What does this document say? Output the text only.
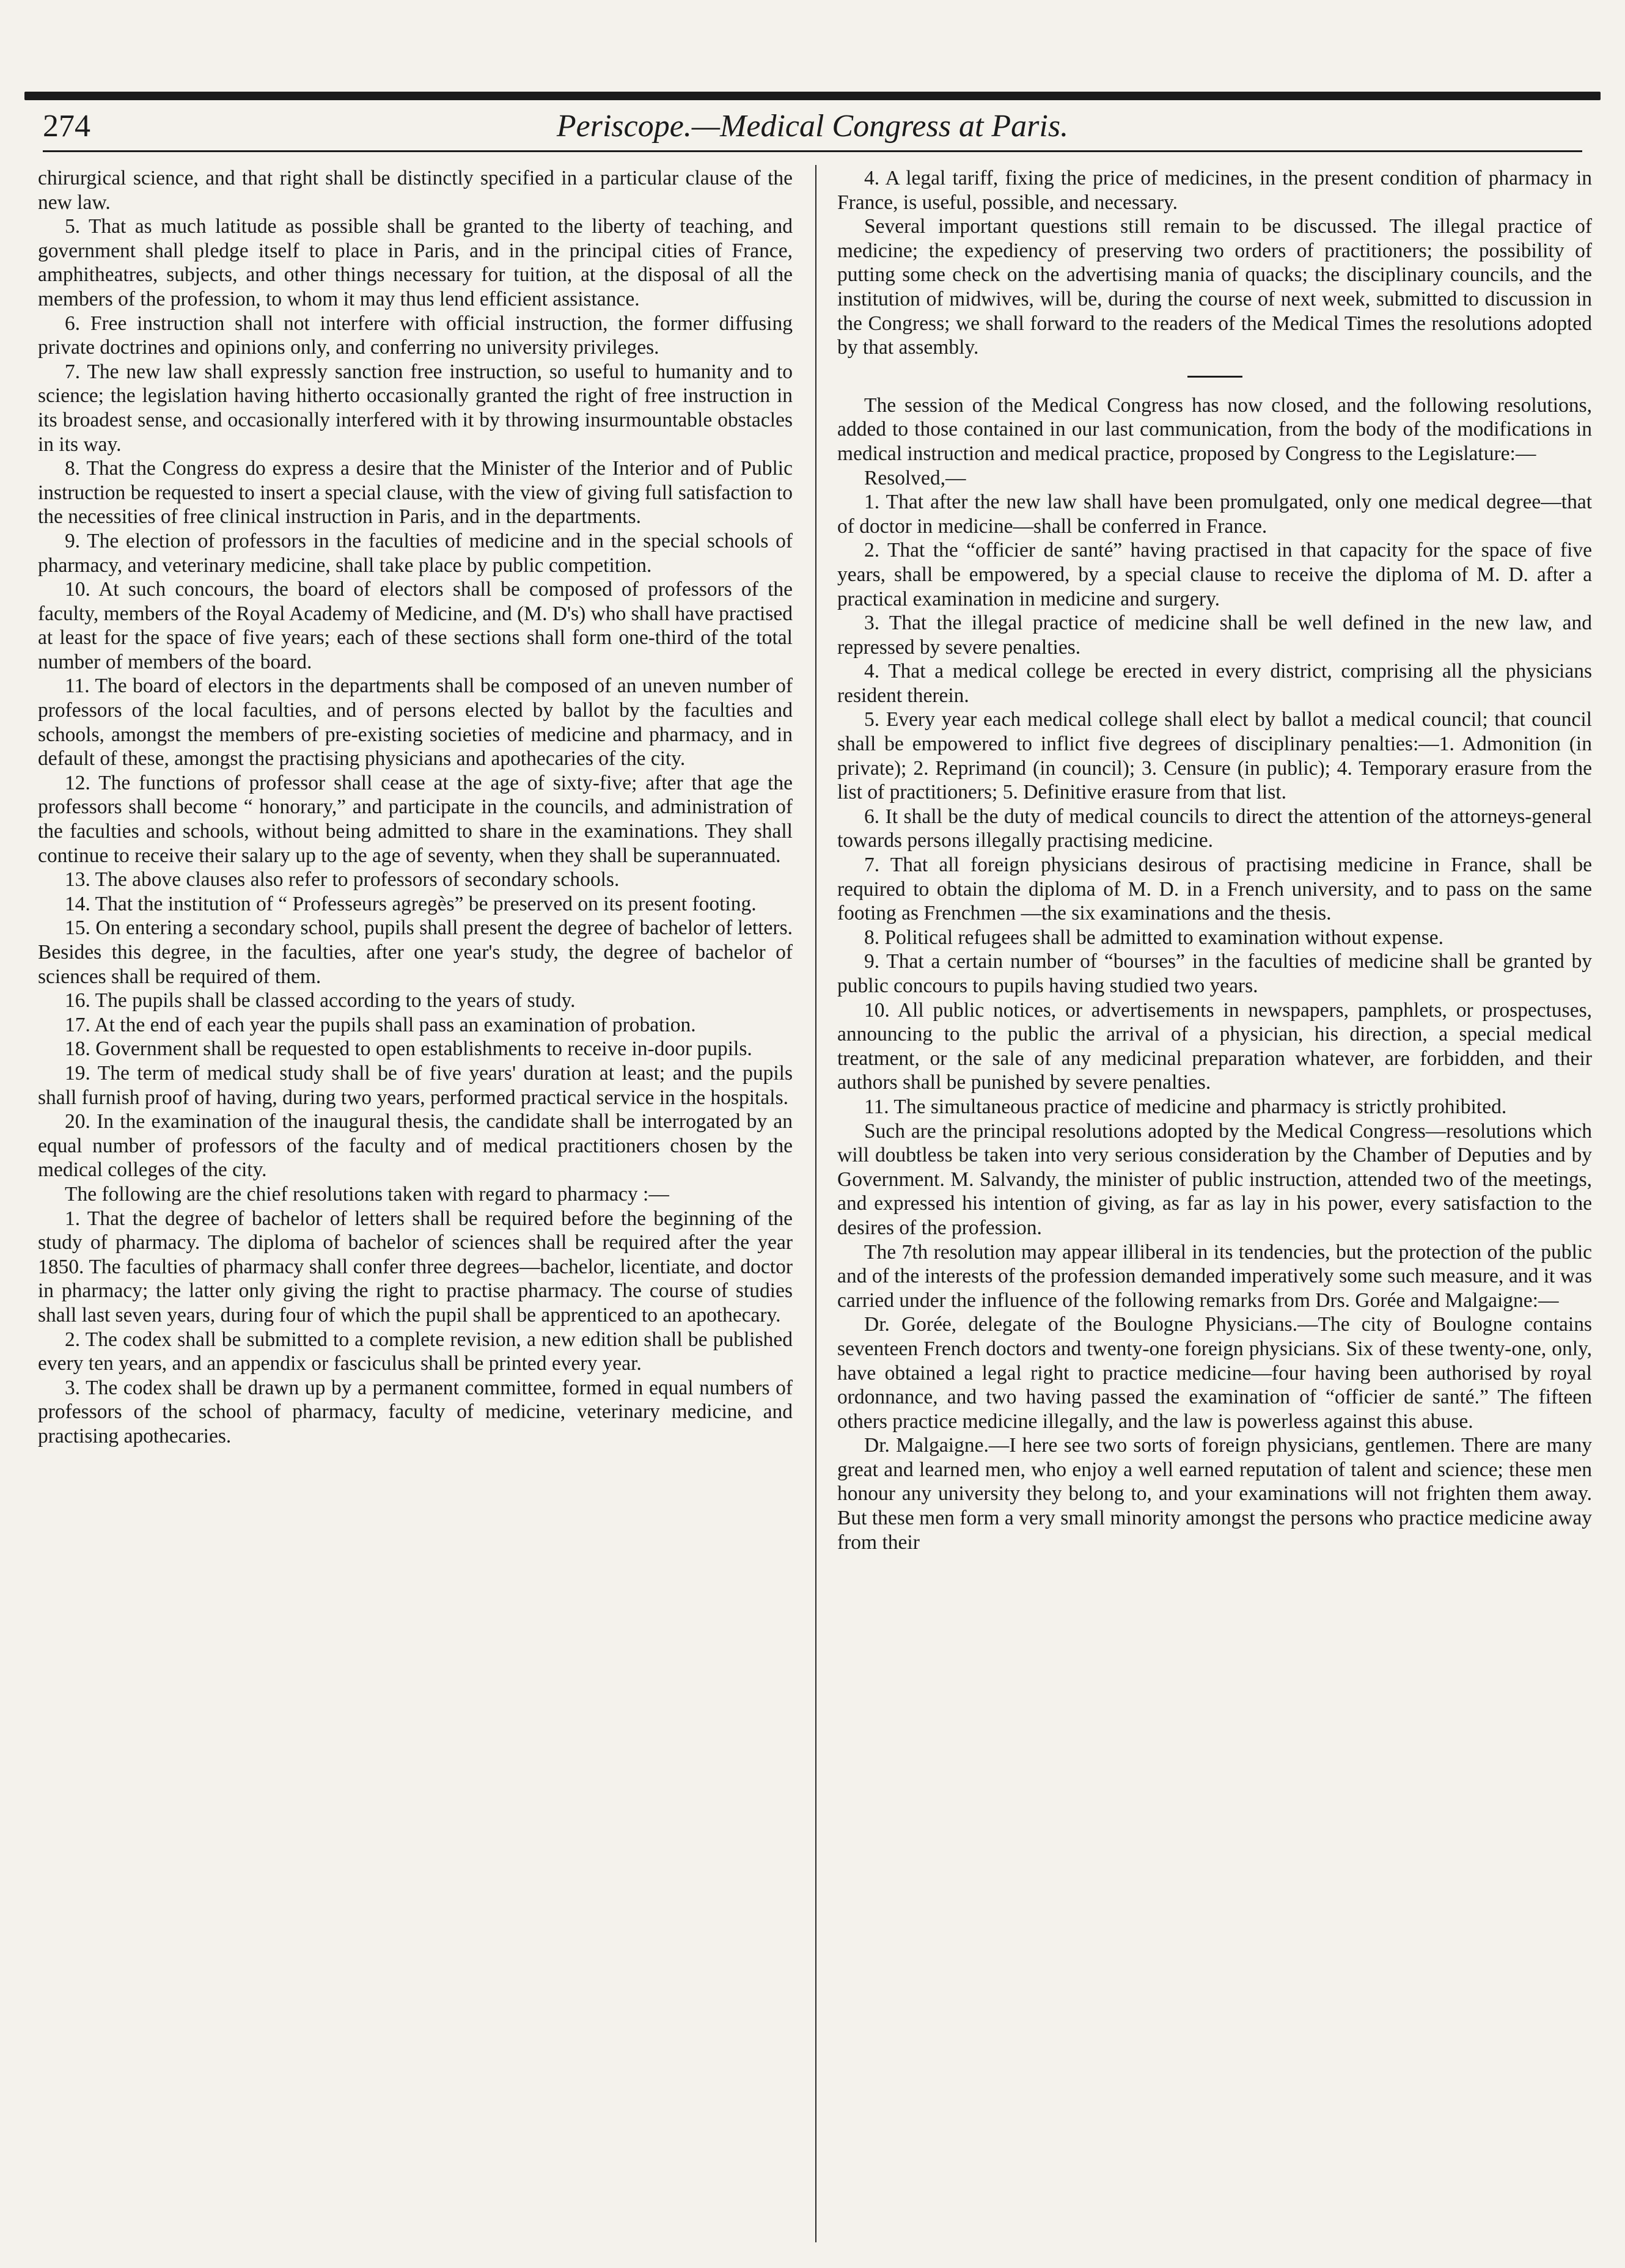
274	Periscope.—Medical Congress at Paris.

chirurgical science, and that right shall be distinctly specified in a particular clause of the new law.

5. That as much latitude as possible shall be granted to the liberty of teaching, and government shall pledge itself to place in Paris, and in the principal cities of France, amphitheatres, subjects, and other things necessary for tuition, at the disposal of all the members of the profession, to whom it may thus lend efficient assistance.

6. Free instruction shall not interfere with official instruction, the former diffusing private doctrines and opinions only, and conferring no university privileges.

7. The new law shall expressly sanction free instruction, so useful to humanity and to science; the legislation having hitherto occasionally granted the right of free instruction in its broadest sense, and occasionally interfered with it by throwing insurmountable obstacles in its way.

8. That the Congress do express a desire that the Minister of the Interior and of Public instruction be requested to insert a special clause, with the view of giving full satisfaction to the necessities of free clinical instruction in Paris, and in the departments.

9. The election of professors in the faculties of medicine and in the special schools of pharmacy, and veterinary medicine, shall take place by public competition.

10. At such concours, the board of electors shall be composed of professors of the faculty, members of the Royal Academy of Medicine, and (M. D's) who shall have practised at least for the space of five years; each of these sections shall form one-third of the total number of members of the board.

11. The board of electors in the departments shall be composed of an uneven number of professors of the local faculties, and of persons elected by ballot by the faculties and schools, amongst the members of pre-existing societies of medicine and pharmacy, and in default of these, amongst the practising physicians and apothecaries of the city.

12. The functions of professor shall cease at the age of sixty-five; after that age the professors shall become “ honorary,” and participate in the councils, and administration of the faculties and schools, without being admitted to share in the examinations. They shall continue to receive their salary up to the age of seventy, when they shall be superannuated.

13. The above clauses also refer to professors of secondary schools.

14. That the institution of “ Professeurs agregès” be preserved on its present footing.

15. On entering a secondary school, pupils shall present the degree of bachelor of letters. Besides this degree, in the faculties, after one year's study, the degree of bachelor of sciences shall be required of them.

16. The pupils shall be classed according to the years of study.

17. At the end of each year the pupils shall pass an examination of probation.

18. Government shall be requested to open establishments to receive in-door pupils.

19. The term of medical study shall be of five years' duration at least; and the pupils shall furnish proof of having, during two years, performed practical service in the hospitals.

20. In the examination of the inaugural thesis, the candidate shall be interrogated by an equal number of professors of the faculty and of medical practitioners chosen by the medical colleges of the city.

The following are the chief resolutions taken with regard to pharmacy :—

1. That the degree of bachelor of letters shall be required before the beginning of the study of pharmacy. The diploma of bachelor of sciences shall be required after the year 1850. The faculties of pharmacy shall confer three degrees—bachelor, licentiate, and doctor in pharmacy; the latter only giving the right to practise pharmacy. The course of studies shall last seven years, during four of which the pupil shall be apprenticed to an apothecary.

2. The codex shall be submitted to a complete revision, a new edition shall be published every ten years, and an appendix or fasciculus shall be printed every year.

3. The codex shall be drawn up by a permanent committee, formed in equal numbers of professors of the school of pharmacy, faculty of medicine, veterinary medicine, and practising apothecaries.

4. A legal tariff, fixing the price of medicines, in the present condition of pharmacy in France, is useful, possible, and necessary.

Several important questions still remain to be discussed. The illegal practice of medicine; the expediency of preserving two orders of practitioners; the possibility of putting some check on the advertising mania of quacks; the disciplinary councils, and the institution of midwives, will be, during the course of next week, submitted to discussion in the Congress; we shall forward to the readers of the Medical Times the resolutions adopted by that assembly.

The session of the Medical Congress has now closed, and the following resolutions, added to those contained in our last communication, from the body of the modifications in medical instruction and medical practice, proposed by Congress to the Legislature:—

Resolved,—

1. That after the new law shall have been promulgated, only one medical degree—that of doctor in medicine—shall be conferred in France.

2. That the “officier de santé” having practised in that capacity for the space of five years, shall be empowered, by a special clause to receive the diploma of M. D. after a practical examination in medicine and surgery.

3. That the illegal practice of medicine shall be well defined in the new law, and repressed by severe penalties.

4. That a medical college be erected in every district, comprising all the physicians resident therein.

5. Every year each medical college shall elect by ballot a medical council; that council shall be empowered to inflict five degrees of disciplinary penalties:—1. Admonition (in private); 2. Reprimand (in council); 3. Censure (in public); 4. Temporary erasure from the list of practitioners; 5. Definitive erasure from that list.

6. It shall be the duty of medical councils to direct the attention of the attorneys-general towards persons illegally practising medicine.

7. That all foreign physicians desirous of practising medicine in France, shall be required to obtain the diploma of M. D. in a French university, and to pass on the same footing as Frenchmen —the six examinations and the thesis.

8. Political refugees shall be admitted to examination without expense.

9. That a certain number of “bourses” in the faculties of medicine shall be granted by public concours to pupils having studied two years.

10. All public notices, or advertisements in newspapers, pamphlets, or prospectuses, announcing to the public the arrival of a physician, his direction, a special medical treatment, or the sale of any medicinal preparation whatever, are forbidden, and their authors shall be punished by severe penalties.

11. The simultaneous practice of medicine and pharmacy is strictly prohibited.

Such are the principal resolutions adopted by the Medical Congress—resolutions which will doubtless be taken into very serious consideration by the Chamber of Deputies and by Government. M. Salvandy, the minister of public instruction, attended two of the meetings, and expressed his intention of giving, as far as lay in his power, every satisfaction to the desires of the profession.

The 7th resolution may appear illiberal in its tendencies, but the protection of the public and of the interests of the profession demanded imperatively some such measure, and it was carried under the influence of the following remarks from Drs. Gorée and Malgaigne:—

Dr. Gorée, delegate of the Boulogne Physicians.—The city of Boulogne contains seventeen French doctors and twenty-one foreign physicians. Six of these twenty-one, only, have obtained a legal right to practice medicine—four having been authorised by royal ordonnance, and two having passed the examination of “officier de santé.” The fifteen others practice medicine illegally, and the law is powerless against this abuse.

Dr. Malgaigne.—I here see two sorts of foreign physicians, gentlemen. There are many great and learned men, who enjoy a well earned reputation of talent and science; these men honour any university they belong to, and your examinations will not frighten them away. But these men form a very small minority amongst the persons who practice medicine away from their
